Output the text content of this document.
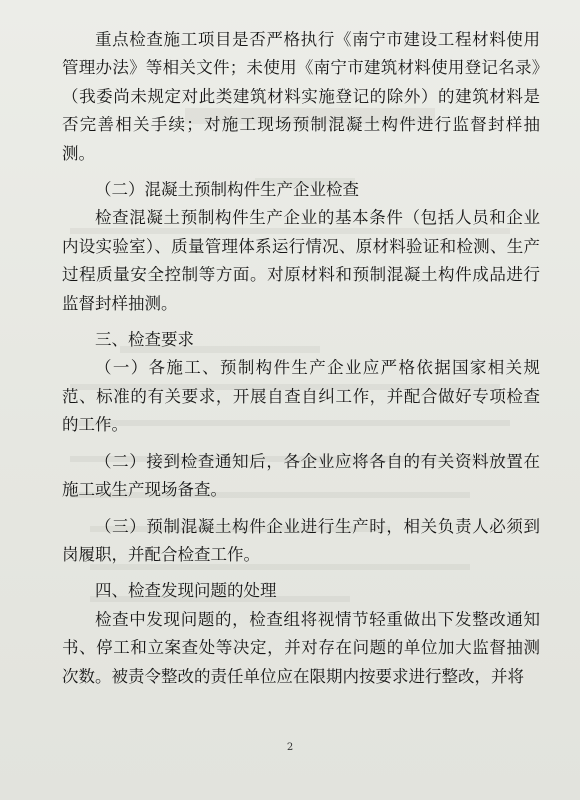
重点检查施工项目是否严格执行《南宁市建设工程材料使用管理办法》等相关文件；未使用《南宁市建筑材料使用登记名录》（我委尚未规定对此类建筑材料实施登记的除外）的建筑材料是否完善相关手续；对施工现场预制混凝土构件进行监督封样抽测。

（二）混凝土预制构件生产企业检查

检查混凝土预制构件生产企业的基本条件（包括人员和企业内设实验室）、质量管理体系运行情况、原材料验证和检测、生产过程质量安全控制等方面。对原材料和预制混凝土构件成品进行监督封样抽测。

三、检查要求

（一）各施工、预制构件生产企业应严格依据国家相关规范、标准的有关要求，开展自查自纠工作，并配合做好专项检查的工作。

（二）接到检查通知后，各企业应将各自的有关资料放置在施工或生产现场备查。

（三）预制混凝土构件企业进行生产时，相关负责人必须到岗履职，并配合检查工作。

四、检查发现问题的处理

检查中发现问题的，检查组将视情节轻重做出下发整改通知书、停工和立案查处等决定，并对存在问题的单位加大监督抽测次数。被责令整改的责任单位应在限期内按要求进行整改，并将

2
